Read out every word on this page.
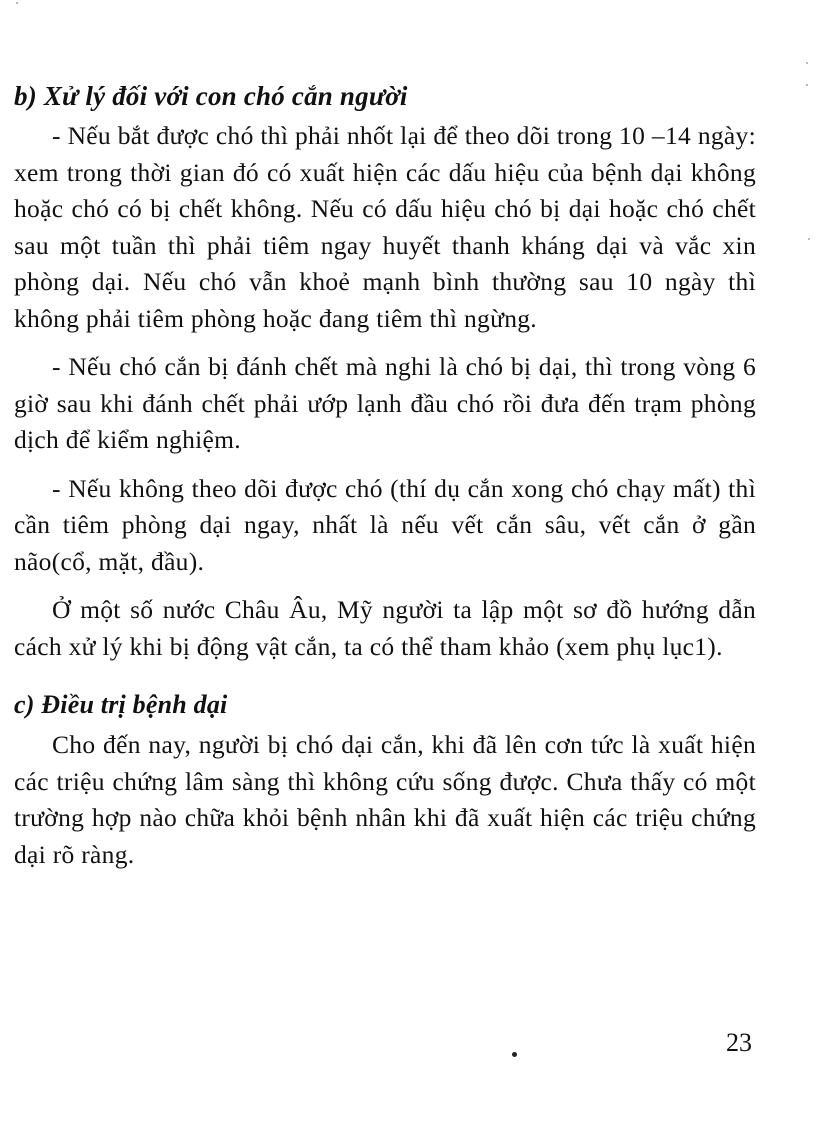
b) Xử lý đối với con chó cắn người

- Nếu bắt được chó thì phải nhốt lại để theo dõi trong 10 –14 ngày: xem trong thời gian đó có xuất hiện các dấu hiệu của bệnh dại không hoặc chó có bị chết không. Nếu có dấu hiệu chó bị dại hoặc chó chết sau một tuần thì phải tiêm ngay huyết thanh kháng dại và vắc xin phòng dại. Nếu chó vẫn khoẻ mạnh bình thường sau 10 ngày thì không phải tiêm phòng hoặc đang tiêm thì ngừng.

- Nếu chó cắn bị đánh chết mà nghi là chó bị dại, thì trong vòng 6 giờ sau khi đánh chết phải ướp lạnh đầu chó rồi đưa đến trạm phòng dịch để kiểm nghiệm.

- Nếu không theo dõi được chó (thí dụ cắn xong chó chạy mất) thì cần tiêm phòng dại ngay, nhất là nếu vết cắn sâu, vết cắn ở gần não(cổ, mặt, đầu).

Ở một số nước Châu Âu, Mỹ người ta lập một sơ đồ hướng dẫn cách xử lý khi bị động vật cắn, ta có thể tham khảo (xem phụ lục1).

c) Điều trị bệnh dại

Cho đến nay, người bị chó dại cắn, khi đã lên cơn tức là xuất hiện các triệu chứng lâm sàng thì không cứu sống được. Chưa thấy có một trường hợp nào chữa khỏi bệnh nhân khi đã xuất hiện các triệu chứng dại rõ ràng.

23
